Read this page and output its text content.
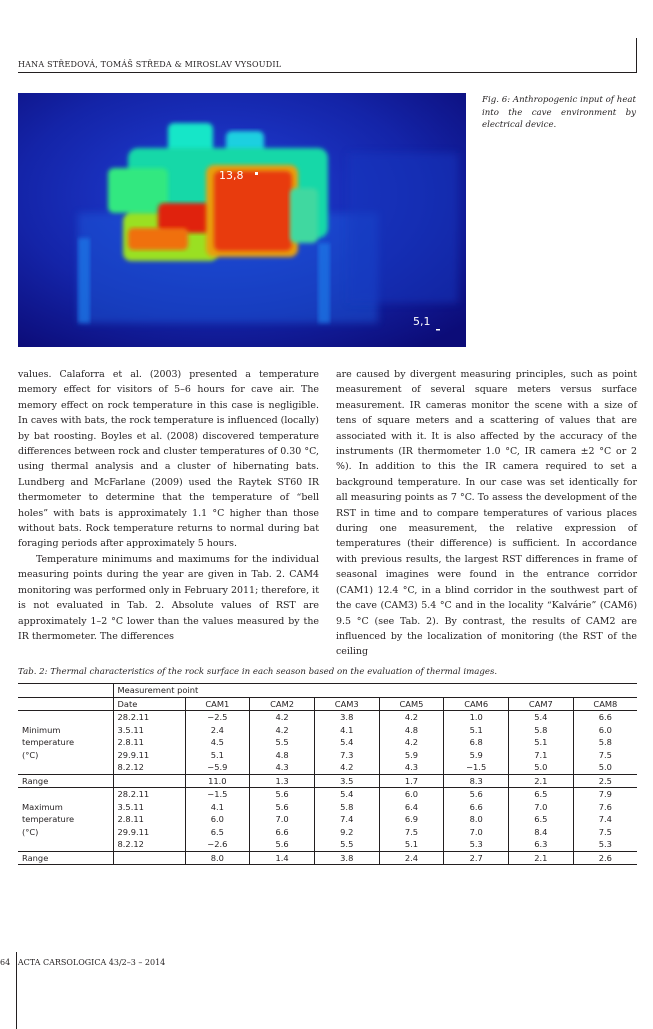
HANA STŘEDOVÁ, TOMÁŠ STŘEDA & MIROSLAV VYSOUDIL
13,8
5,1
Fig. 6: Anthropogenic input of heat into the cave environment by electrical device.

values. Calaforra et al. (2003) presented a temperature memory effect for visitors of 5–6 hours for cave air. The memory effect on rock temperature in this case is negligible. In caves with bats, the rock temperature is influenced (locally) by bat roosting. Boyles et al. (2008) discovered temperature differences between rock and cluster temperatures of 0.30 °C, using thermal analysis and a cluster of hibernating bats. Lundberg and McFarlane (2009) used the Raytek ST60 IR thermometer to determine that the temperature of “bell holes” with bats is approximately 1.1 °C higher than those without bats. Rock temperature returns to normal during bat foraging periods after approximately 5 hours.

Temperature minimums and maximums for the individual measuring points during the year are given in Tab. 2. CAM4 monitoring was performed only in February 2011; therefore, it is not evaluated in Tab. 2. Absolute values of RST are approximately 1–2 °C lower than the values measured by the IR thermometer. The differences

are caused by divergent measuring principles, such as point measurement of several square meters versus surface measurement. IR cameras monitor the scene with a size of tens of square meters and a scattering of values that are associated with it. It is also affected by the accuracy of the instruments (IR thermometer 1.0 °C, IR camera ±2 °C or 2 %). In addition to this the IR camera required to set a background temperature. In our case was set identically for all measuring points as 7 °C. To assess the development of the RST in time and to compare temperatures of various places during one measurement, the relative expression of temperatures (their difference) is sufficient. In accordance with previous results, the largest RST differences in frame of seasonal imagines were found in the entrance corridor (CAM1) 12.4 °C, in a blind corridor in the southwest part of the cave (CAM3) 5.4 °C and in the locality “Kalvárie” (CAM6) 9.5 °C (see Tab. 2). By contrast, the results of CAM2 are influenced by the localization of monitoring (the RST of the ceiling

Tab. 2: Thermal characteristics of the rock surface in each season based on the evaluation of thermal images.
	Measurement point							
	Date	CAM1	CAM2	CAM3	CAM5	CAM6	CAM7	CAM8
	28.2.11	−2.5	4.2	3.8	4.2	1.0	5.4	6.6
Minimum	3.5.11	2.4	4.2	4.1	4.8	5.1	5.8	6.0
temperature	2.8.11	4.5	5.5	5.4	4.2	6.8	5.1	5.8
(°C)	29.9.11	5.1	4.8	7.3	5.9	5.9	7.1	7.5
	8.2.12	−5.9	4.3	4.2	4.3	−1.5	5.0	5.0
Range		11.0	1.3	3.5	1.7	8.3	2.1	2.5
	28.2.11	−1.5	5.6	5.4	6.0	5.6	6.5	7.9
Maximum	3.5.11	4.1	5.6	5.8	6.4	6.6	7.0	7.6
temperature	2.8.11	6.0	7.0	7.4	6.9	8.0	6.5	7.4
(°C)	29.9.11	6.5	6.6	9.2	7.5	7.0	8.4	7.5
	8.2.12	−2.6	5.6	5.5	5.1	5.3	6.3	5.3
Range		8.0	1.4	3.8	2.4	2.7	2.1	2.6
64 ACTA CARSOLOGICA 43/2–3 – 2014
